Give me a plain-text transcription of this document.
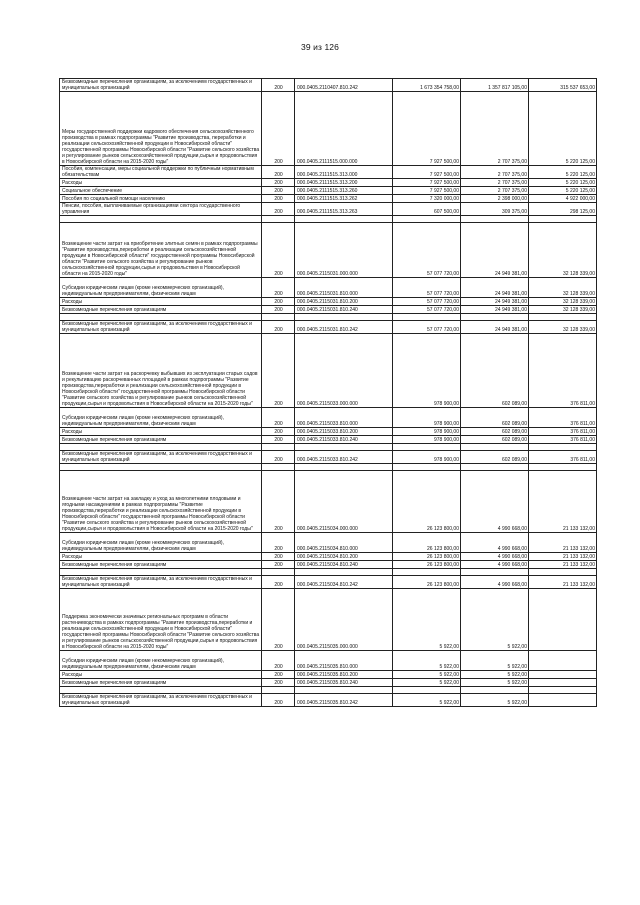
39 из 126
Безвозмездные перечисления организациям, за исключением государственных и муниципальных организаций	200	000.0405.2110407.810.242	1 673 354 758,00	1 357 817 105,00	315 537 653,00
Меры государственной поддержки кадрового обеспечения сельскохозяйственного производства в рамках подпрограммы "Развитие производства, переработки и реализации сельскохозяйственной продукции в Новосибирской области" государственной программы Новосибирской области "Развитие сельского хозяйства и регулирование рынков сельскохозяйственной продукции,сырья и продовольствия в Новосибирской области на 2015-2020 годы"	200	000.0405.2111515.000.000	7 927 500,00	2 707 375,00	5 220 125,00
Пособия, компенсации, меры социальной поддержки по публичным нормативным обязательствам	200	000.0405.2111515.313.000	7 927 500,00	2 707 375,00	5 220 125,00
Расходы	200	000.0405.2111515.313.200	7 927 500,00	2 707 375,00	5 220 125,00
Социальное обеспечение	200	000.0405.2111515.313.260	7 927 500,00	2 707 375,00	5 220 125,00
Пособия по социальной помощи населению	200	000.0405.2111515.313.262	7 320 000,00	2 398 000,00	4 922 000,00
Пенсии, пособия, выплачиваемые организациями сектора государственного управления	200	000.0405.2111515.313.263	607 500,00	309 375,00	298 125,00

Возмещение части затрат на приобретение элитных семян в рамках подпрограммы "Развитие производства,переработки и реализации сельскохозяйственной продукции в Новосибирской области" государственной программы Новосибирской области "Развитие сельского хозяйства и регулирование рынков сельскохозяйственной продукции,сырья и продовольствия в Новосибирской области на 2015-2020 годы"	200	000.0405.2115031.000.000	57 077 720,00	24 949 381,00	32 128 339,00
Субсидии юридическим лицам (кроме некоммерческих организаций), индивидуальным предпринимателям, физическим лицам	200	000.0405.2115031.810.000	57 077 720,00	24 949 381,00	32 128 339,00
Расходы	200	000.0405.2115031.810.200	57 077 720,00	24 949 381,00	32 128 339,00
Безвозмездные перечисления организациям	200	000.0405.2115031.810.240	57 077 720,00	24 949 381,00	32 128 339,00

Безвозмездные перечисления организациям, за исключением государственных и муниципальных организаций	200	000.0405.2115031.810.242	57 077 720,00	24 949 381,00	32 128 339,00
Возмещение части затрат на раскорчевку выбывших из эксплуатации старых садов и рекультивацию раскорчеванных площадей в рамках подпрограммы "Развитие производства,переработки и реализации сельскохозяйственной продукции в Новосибирской области" государственной программы Новосибирской области "Развитие сельского хозяйства и регулирование рынков сельскохозяйственной продукции,сырья и продовольствия в Новосибирской области на 2015-2020 годы"	200	000.0405.2115033.000.000	978 900,00	602 089,00	376 811,00
Субсидии юридическим лицам (кроме некоммерческих организаций), индивидуальным предпринимателям, физическим лицам	200	000.0405.2115033.810.000	978 900,00	602 089,00	376 811,00
Расходы	200	000.0405.2115033.810.200	978 900,00	602 089,00	376 811,00
Безвозмездные перечисления организациям	200	000.0405.2115033.810.240	978 900,00	602 089,00	376 811,00

Безвозмездные перечисления организациям, за исключением государственных и муниципальных организаций	200	000.0405.2115033.810.242	978 900,00	602 089,00	376 811,00

Возмещение части затрат на закладку и уход за многолетними плодовыми и ягодными насаждениями в рамках подпрограммы "Развитие производства,переработки и реализации сельскохозяйственной продукции в Новосибирской области" государственной программы Новосибирской области "Развитие сельского хозяйства и регулирование рынков сельскохозяйственной продукции,сырья и продовольствия в Новосибирской области на 2015-2020 годы"	200	000.0405.2115034.000.000	26 123 800,00	4 990 668,00	21 133 132,00
Субсидии юридическим лицам (кроме некоммерческих организаций), индивидуальным предпринимателям, физическим лицам	200	000.0405.2115034.810.000	26 123 800,00	4 990 668,00	21 133 132,00
Расходы	200	000.0405.2115034.810.200	26 123 800,00	4 990 668,00	21 133 132,00
Безвозмездные перечисления организациям	200	000.0405.2115034.810.240	26 123 800,00	4 990 668,00	21 133 132,00

Безвозмездные перечисления организациям, за исключением государственных и муниципальных организаций	200	000.0405.2115034.810.242	26 123 800,00	4 990 668,00	21 133 132,00
Поддержка экономически значимых региональных программ в области растениеводства в рамках подпрограммы "Развитие производства,переработки и реализации сельскохозяйственной продукции в Новосибирской области" государственной программы Новосибирской области "Развитие сельского хозяйства и регулирование рынков сельскохозяйственной продукции,сырья и продовольствия в Новосибирской области на 2015-2020 годы"	200	000.0405.2115035.000.000	5 922,00	5 922,00	
Субсидии юридическим лицам (кроме некоммерческих организаций), индивидуальным предпринимателям, физическим лицам	200	000.0405.2115035.810.000	5 922,00	5 922,00	
Расходы	200	000.0405.2115035.810.200	5 922,00	5 922,00	
Безвозмездные перечисления организациям	200	000.0405.2115035.810.240	5 922,00	5 922,00	

Безвозмездные перечисления организациям, за исключением государственных и муниципальных организаций	200	000.0405.2115035.810.242	5 922,00	5 922,00	
